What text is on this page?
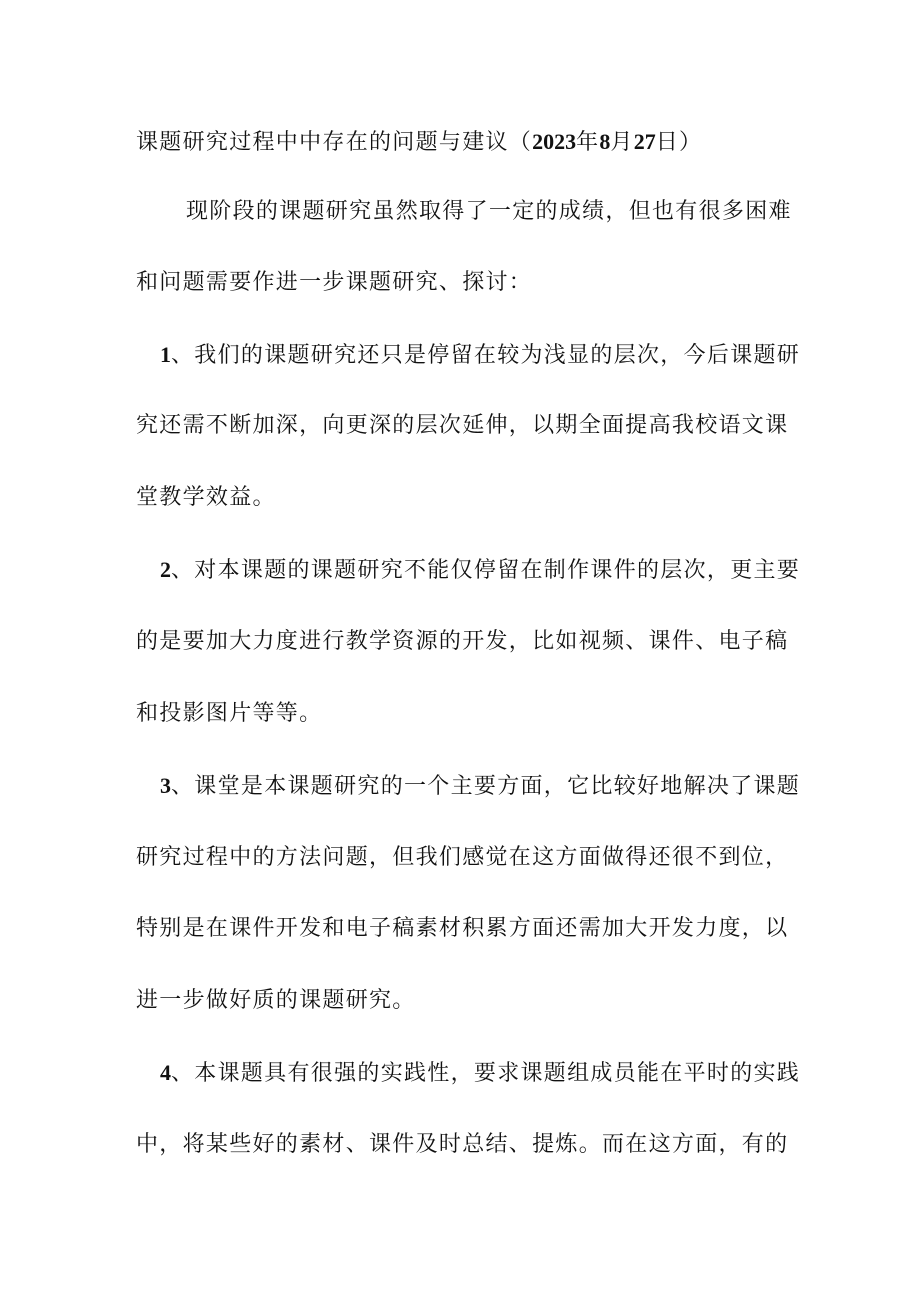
课题研究过程中中存在的问题与建议（2023年8月27日）
现阶段的课题研究虽然取得了一定的成绩，但也有很多困难
和问题需要作进一步课题研究、探讨：
1、我们的课题研究还只是停留在较为浅显的层次，今后课题研
究还需不断加深，向更深的层次延伸，以期全面提高我校语文课
堂教学效益。
2、对本课题的课题研究不能仅停留在制作课件的层次，更主要
的是要加大力度进行教学资源的开发，比如视频、课件、电子稿
和投影图片等等。
3、课堂是本课题研究的一个主要方面，它比较好地解决了课题
研究过程中的方法问题，但我们感觉在这方面做得还很不到位，
特别是在课件开发和电子稿素材积累方面还需加大开发力度，以
进一步做好质的课题研究。
4、本课题具有很强的实践性，要求课题组成员能在平时的实践
中，将某些好的素材、课件及时总结、提炼。而在这方面，有的
